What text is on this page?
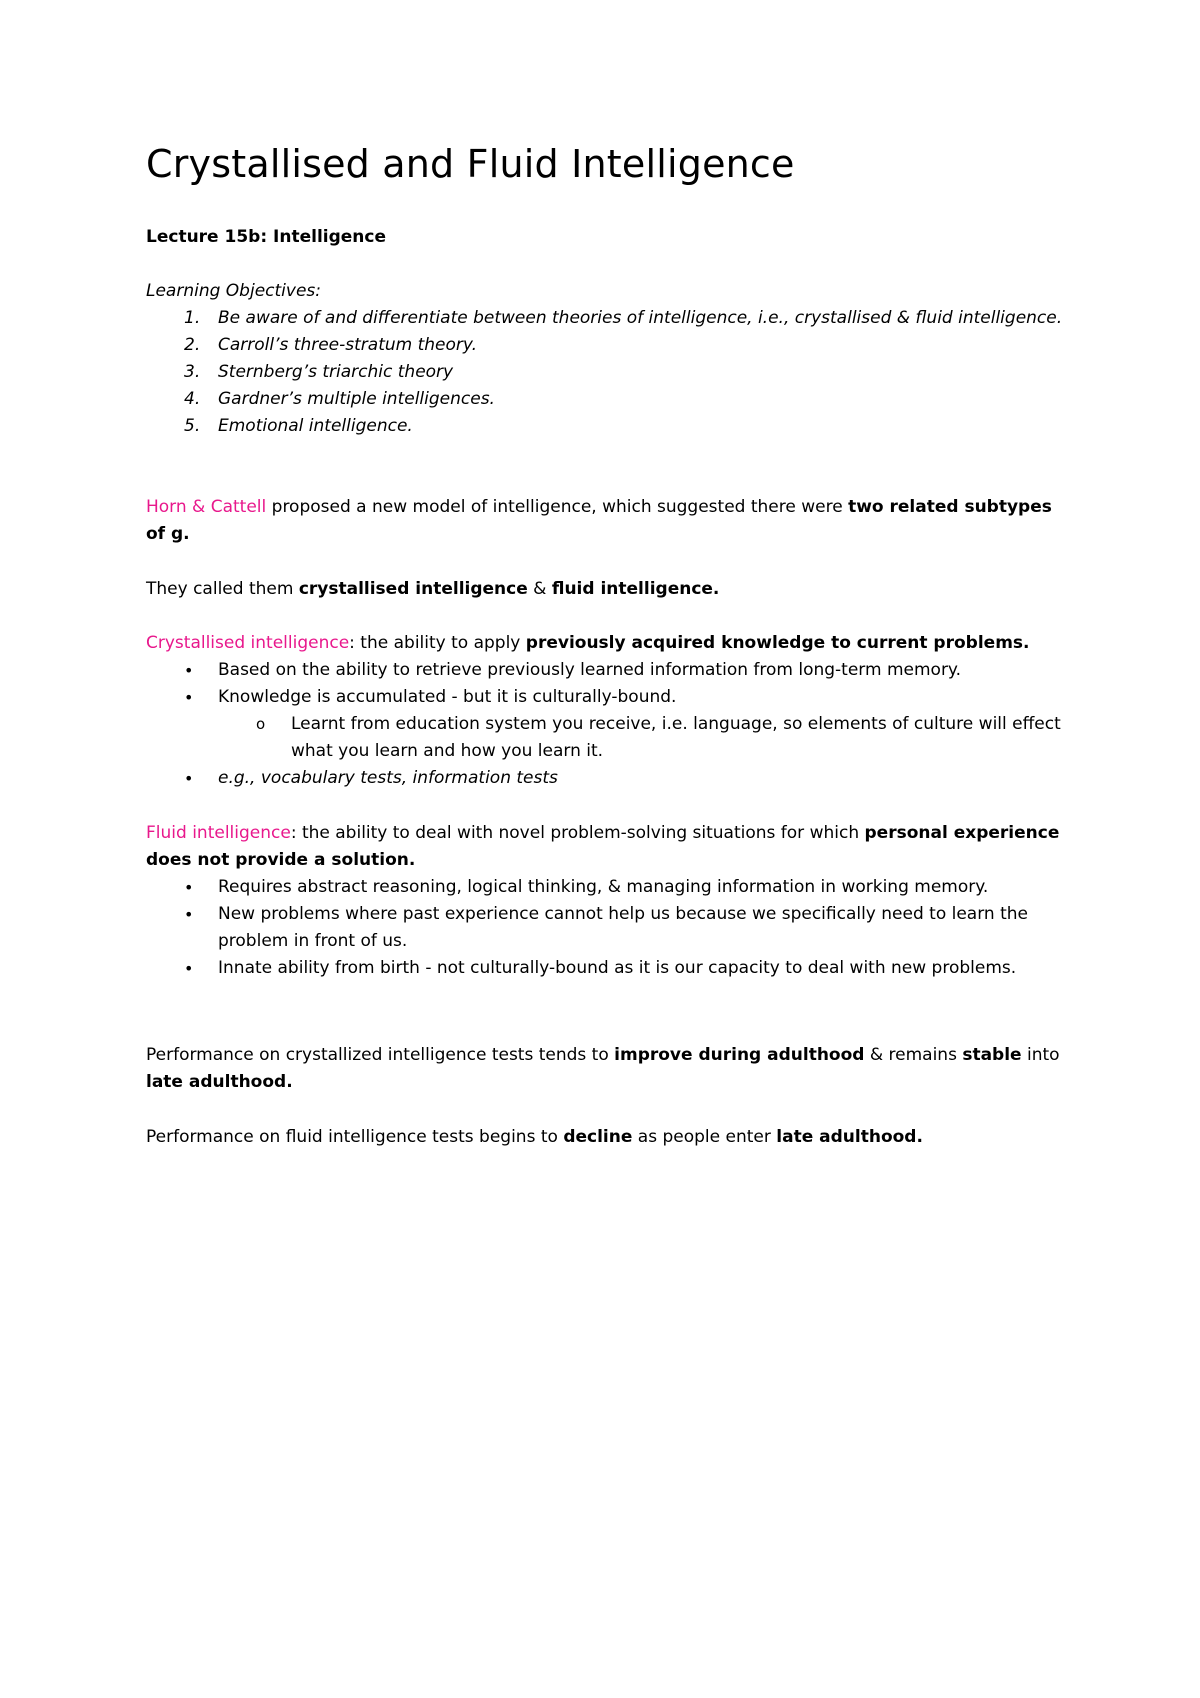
Crystallised and Fluid Intelligence

Lecture 15b: Intelligence

Learning Objectives:

1. Be aware of and differentiate between theories of intelligence, i.e., crystallised & fluid intelligence.
2. Carroll’s three-stratum theory.
3. Sternberg’s triarchic theory
4. Gardner’s multiple intelligences.
5. Emotional intelligence.

Horn & Cattell proposed a new model of intelligence, which suggested there were two related subtypes of g.

They called them crystallised intelligence & fluid intelligence.

Crystallised intelligence: the ability to apply previously acquired knowledge to current problems.

• Based on the ability to retrieve previously learned information from long-term memory.
• Knowledge is accumulated - but it is culturally-bound.
o Learnt from education system you receive, i.e. language, so elements of culture will effect what you learn and how you learn it.
• e.g., vocabulary tests, information tests

Fluid intelligence: the ability to deal with novel problem-solving situations for which personal experience does not provide a solution.

• Requires abstract reasoning, logical thinking, & managing information in working memory.
• New problems where past experience cannot help us because we specifically need to learn the problem in front of us.
• Innate ability from birth - not culturally-bound as it is our capacity to deal with new problems.

Performance on crystallized intelligence tests tends to improve during adulthood & remains stable into late adulthood.

Performance on fluid intelligence tests begins to decline as people enter late adulthood.
